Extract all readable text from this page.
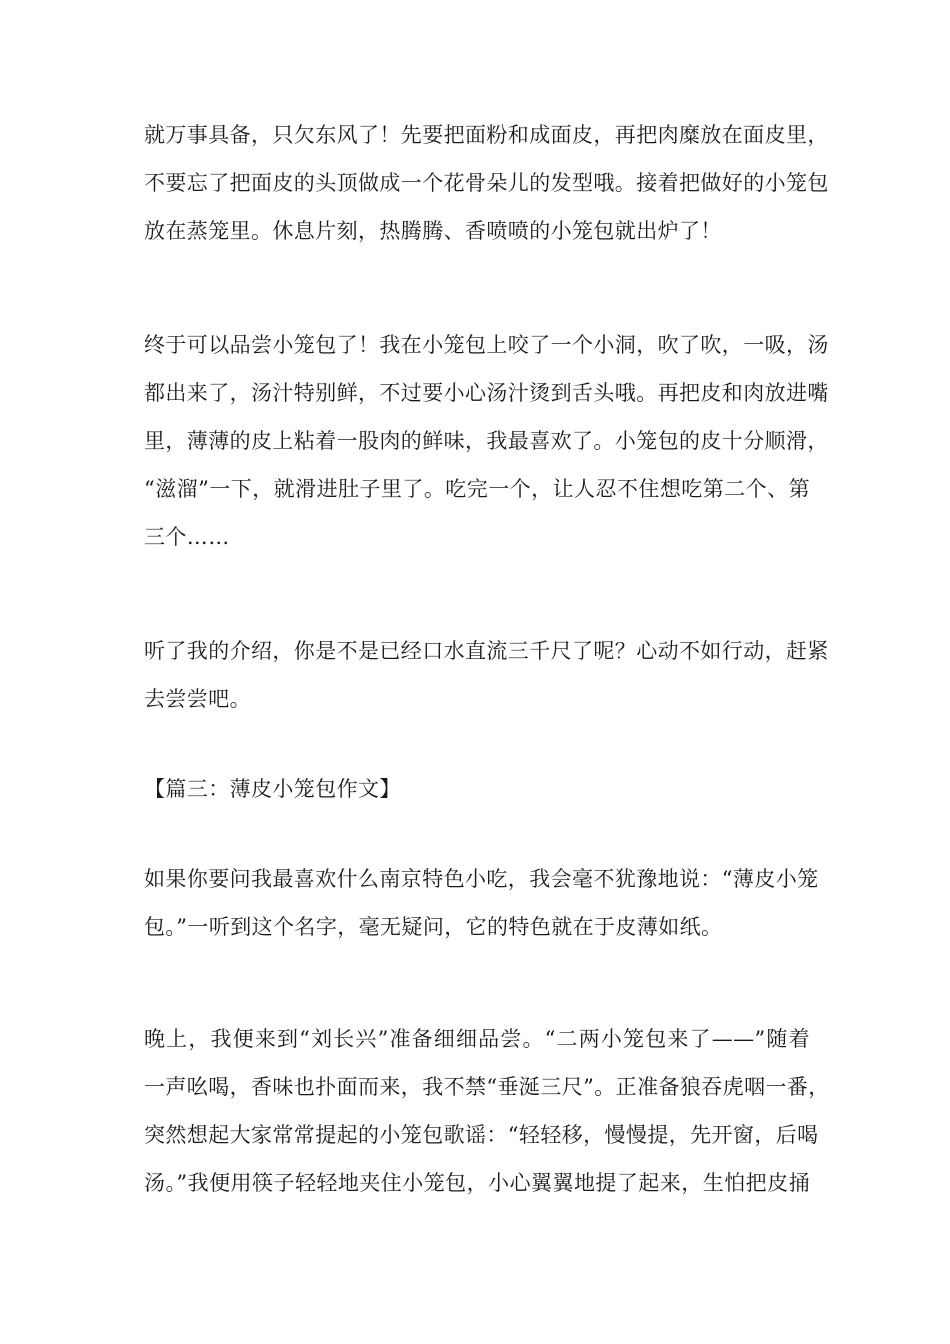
就万事具备，只欠东风了！先要把面粉和成面皮，再把肉糜放在面皮里，
不要忘了把面皮的头顶做成一个花骨朵儿的发型哦。接着把做好的小笼包
放在蒸笼里。休息片刻，热腾腾、香喷喷的小笼包就出炉了！

终于可以品尝小笼包了！我在小笼包上咬了一个小洞，吹了吹，一吸，汤
都出来了，汤汁特别鲜，不过要小心汤汁烫到舌头哦。再把皮和肉放进嘴
里，薄薄的皮上粘着一股肉的鲜味，我最喜欢了。小笼包的皮十分顺滑，
“滋溜”一下，就滑进肚子里了。吃完一个，让人忍不住想吃第二个、第
三个……

听了我的介绍，你是不是已经口水直流三千尺了呢？心动不如行动，赶紧
去尝尝吧。

【篇三：薄皮小笼包作文】

如果你要问我最喜欢什么南京特色小吃，我会毫不犹豫地说：“薄皮小笼
包。”一听到这个名字，毫无疑问，它的特色就在于皮薄如纸。

晚上，我便来到“刘长兴”准备细细品尝。“二两小笼包来了——”随着
一声吆喝，香味也扑面而来，我不禁“垂涎三尺”。正准备狼吞虎咽一番，
突然想起大家常常提起的小笼包歌谣：“轻轻移，慢慢提，先开窗，后喝
汤。”我便用筷子轻轻地夹住小笼包，小心翼翼地提了起来，生怕把皮捅
